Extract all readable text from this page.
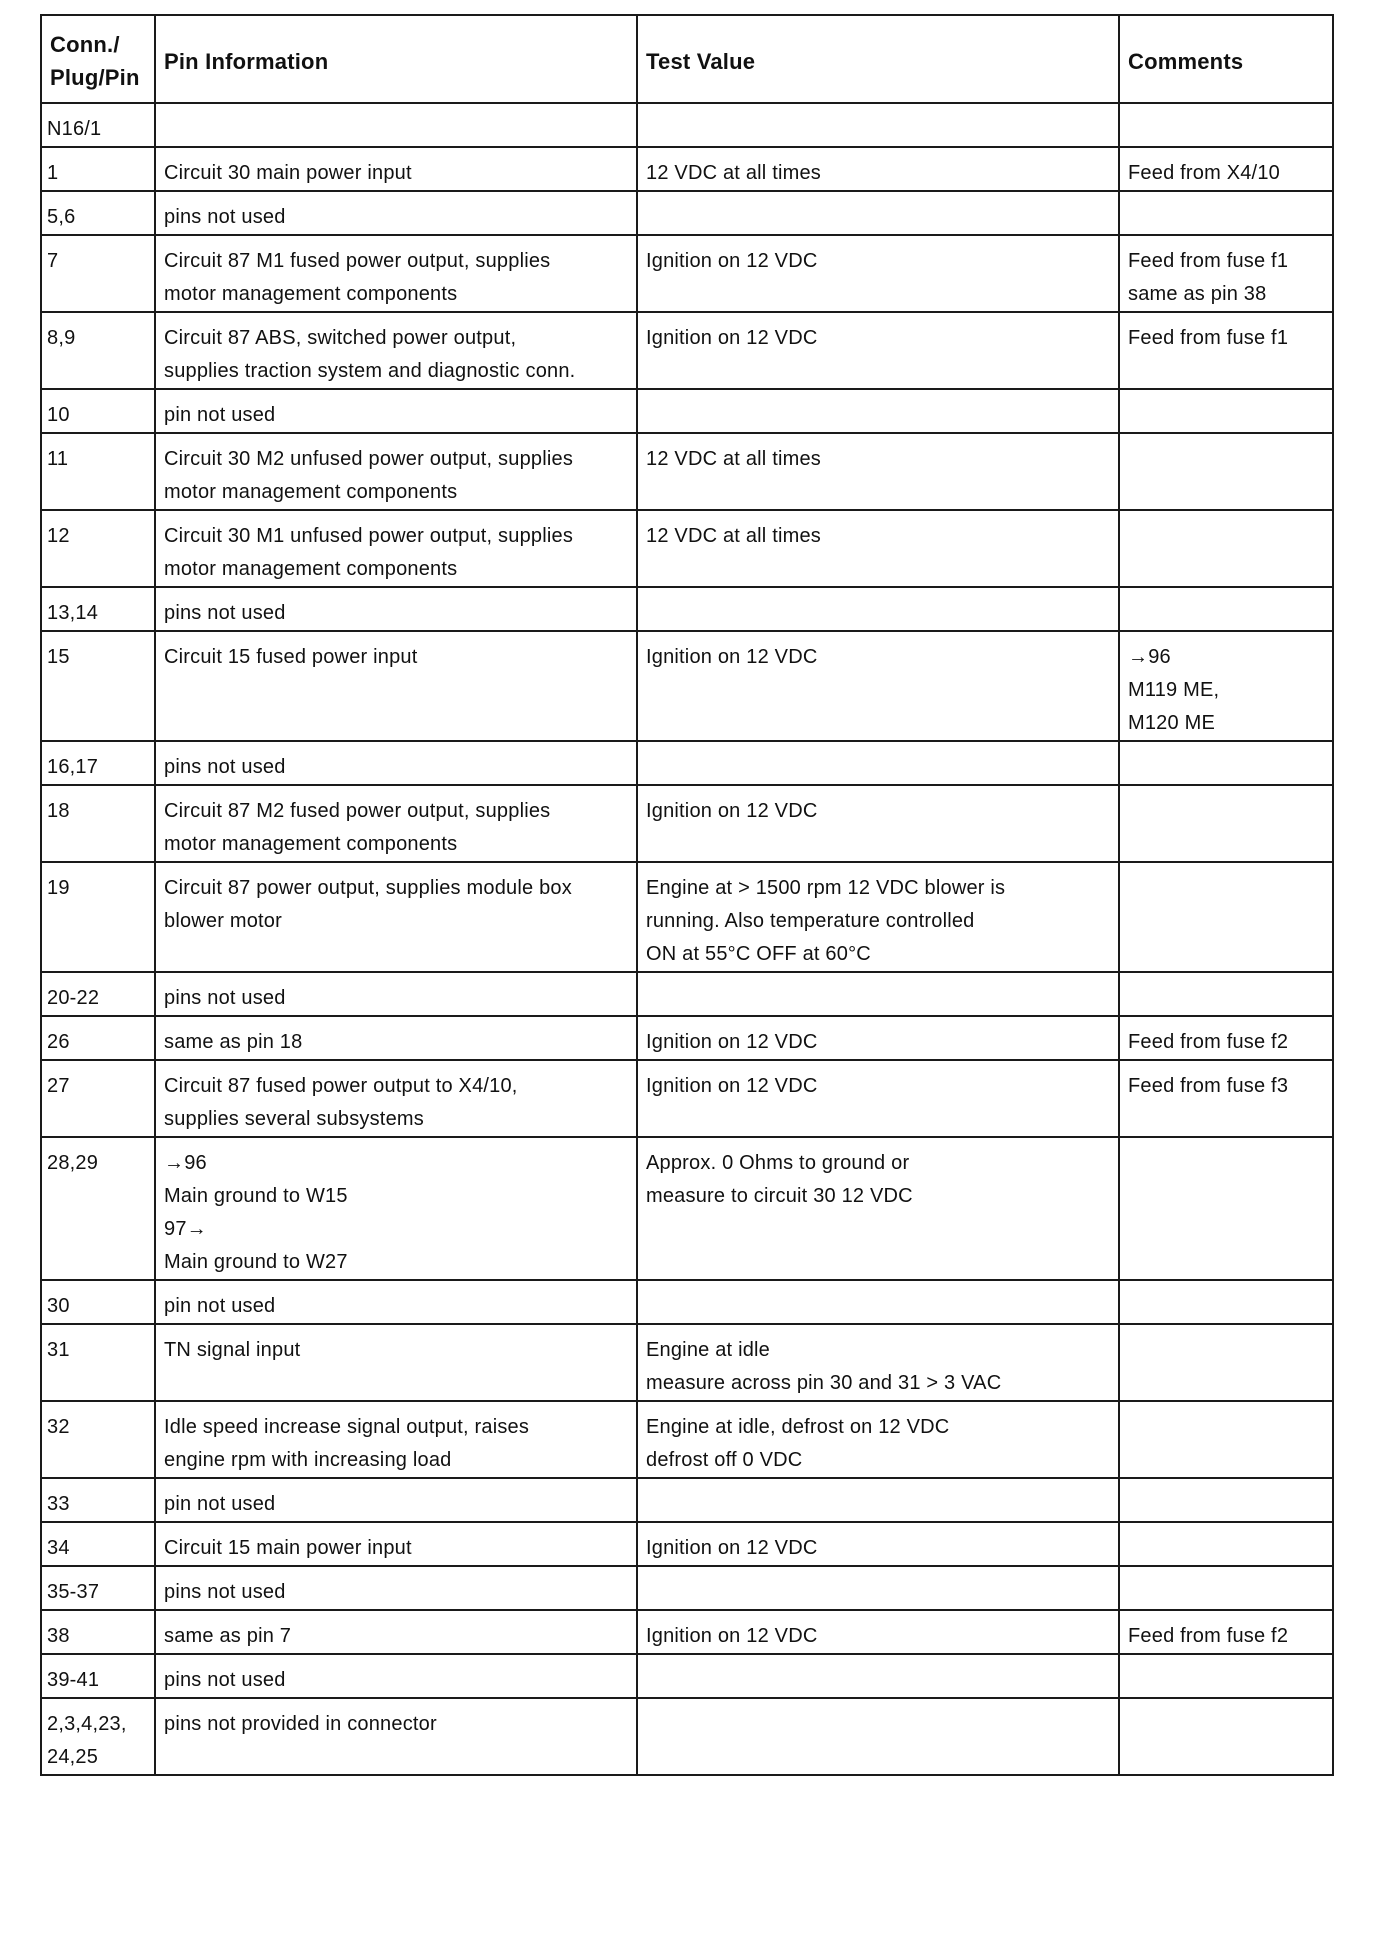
Conn./
Plug/Pin	Pin Information	Test Value	Comments
N16/1			
1	Circuit 30 main power input	12 VDC at all times	Feed from X4/10
5,6	pins not used		
7	Circuit 87 M1 fused power output, supplies
motor management components	Ignition on 12 VDC	Feed from fuse f1
same as pin 38
8,9	Circuit 87 ABS, switched power output,
supplies traction system and diagnostic conn.	Ignition on 12 VDC	Feed from fuse f1
10	pin not used		
11	Circuit 30 M2 unfused power output, supplies
motor management components	12 VDC at all times	
12	Circuit 30 M1 unfused power output, supplies
motor management components	12 VDC at all times	
13,14	pins not used		
15	Circuit 15 fused power input	Ignition on 12 VDC	→96
M119 ME,
M120 ME
16,17	pins not used		
18	Circuit 87 M2 fused power output, supplies
motor management components	Ignition on 12 VDC	
19	Circuit 87 power output, supplies module box
blower motor	Engine at > 1500 rpm 12 VDC blower is
running. Also temperature controlled
ON at 55°C OFF at 60°C	
20-22	pins not used		
26	same as pin 18	Ignition on 12 VDC	Feed from fuse f2
27	Circuit 87 fused power output to X4/10,
supplies several subsystems	Ignition on 12 VDC	Feed from fuse f3
28,29	→96
Main ground to W15
97→
Main ground to W27	Approx. 0 Ohms to ground or
measure to circuit 30 12 VDC	
30	pin not used		
31	TN signal input	Engine at idle
measure across pin 30 and 31 > 3 VAC	
32	Idle speed increase signal output, raises
engine rpm with increasing load	Engine at idle, defrost on 12 VDC
defrost off 0 VDC	
33	pin not used		
34	Circuit 15 main power input	Ignition on 12 VDC	
35-37	pins not used		
38	same as pin 7	Ignition on 12 VDC	Feed from fuse f2
39-41	pins not used		
2,3,4,23,
24,25	pins not provided in connector		
